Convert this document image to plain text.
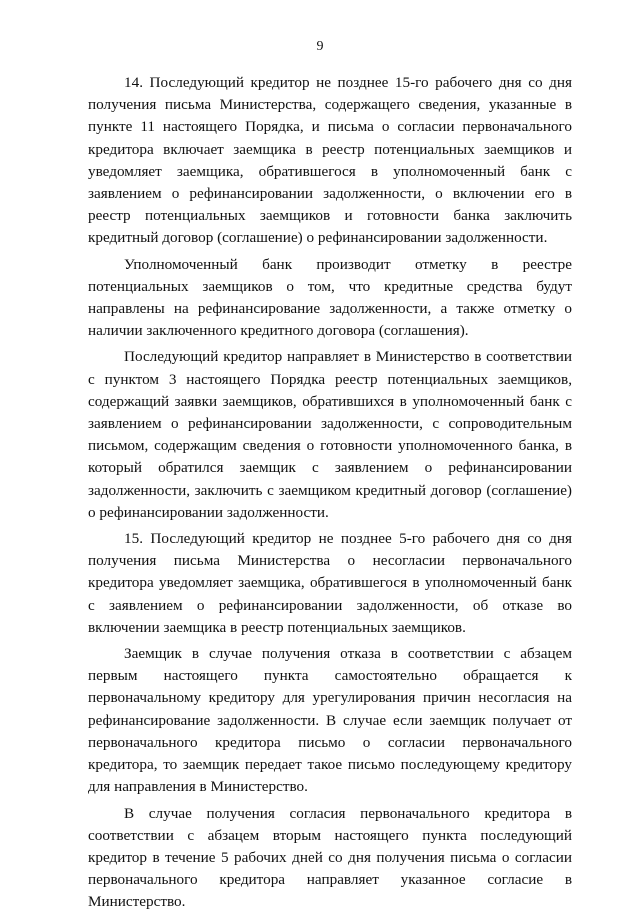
9

14. Последующий кредитор не позднее 15-го рабочего дня со дня получения письма Министерства, содержащего сведения, указанные в пункте 11 настоящего Порядка, и письма о согласии первоначального кредитора включает заемщика в реестр потенциальных заемщиков и уведомляет заемщика, обратившегося в уполномоченный банк с заявлением о рефинансировании задолженности, о включении его в реестр потенциальных заемщиков и готовности банка заключить кредитный договор (соглашение) о рефинансировании задолженности.

Уполномоченный банк производит отметку в реестре потенциальных заемщиков о том, что кредитные средства будут направлены на рефинансирование задолженности, а также отметку о наличии заключенного кредитного договора (соглашения).

Последующий кредитор направляет в Министерство в соответствии с пунктом 3 настоящего Порядка реестр потенциальных заемщиков, содержащий заявки заемщиков, обратившихся в уполномоченный банк с заявлением о рефинансировании задолженности, с сопроводительным письмом, содержащим сведения о готовности уполномоченного банка, в который обратился заемщик с заявлением о рефинансировании задолженности, заключить с заемщиком кредитный договор (соглашение) о рефинансировании задолженности.

15. Последующий кредитор не позднее 5-го рабочего дня со дня получения письма Министерства о несогласии первоначального кредитора уведомляет заемщика, обратившегося в уполномоченный банк с заявлением о рефинансировании задолженности, об отказе во включении заемщика в реестр потенциальных заемщиков.

Заемщик в случае получения отказа в соответствии с абзацем первым настоящего пункта самостоятельно обращается к первоначальному кредитору для урегулирования причин несогласия на рефинансирование задолженности. В случае если заемщик получает от первоначального кредитора письмо о согласии первоначального кредитора, то заемщик передает такое письмо последующему кредитору для направления в Министерство.

В случае получения согласия первоначального кредитора в соответствии с абзацем вторым настоящего пункта последующий кредитор в течение 5 рабочих дней со дня получения письма о согласии первоначального кредитора направляет указанное согласие в Министерство.
